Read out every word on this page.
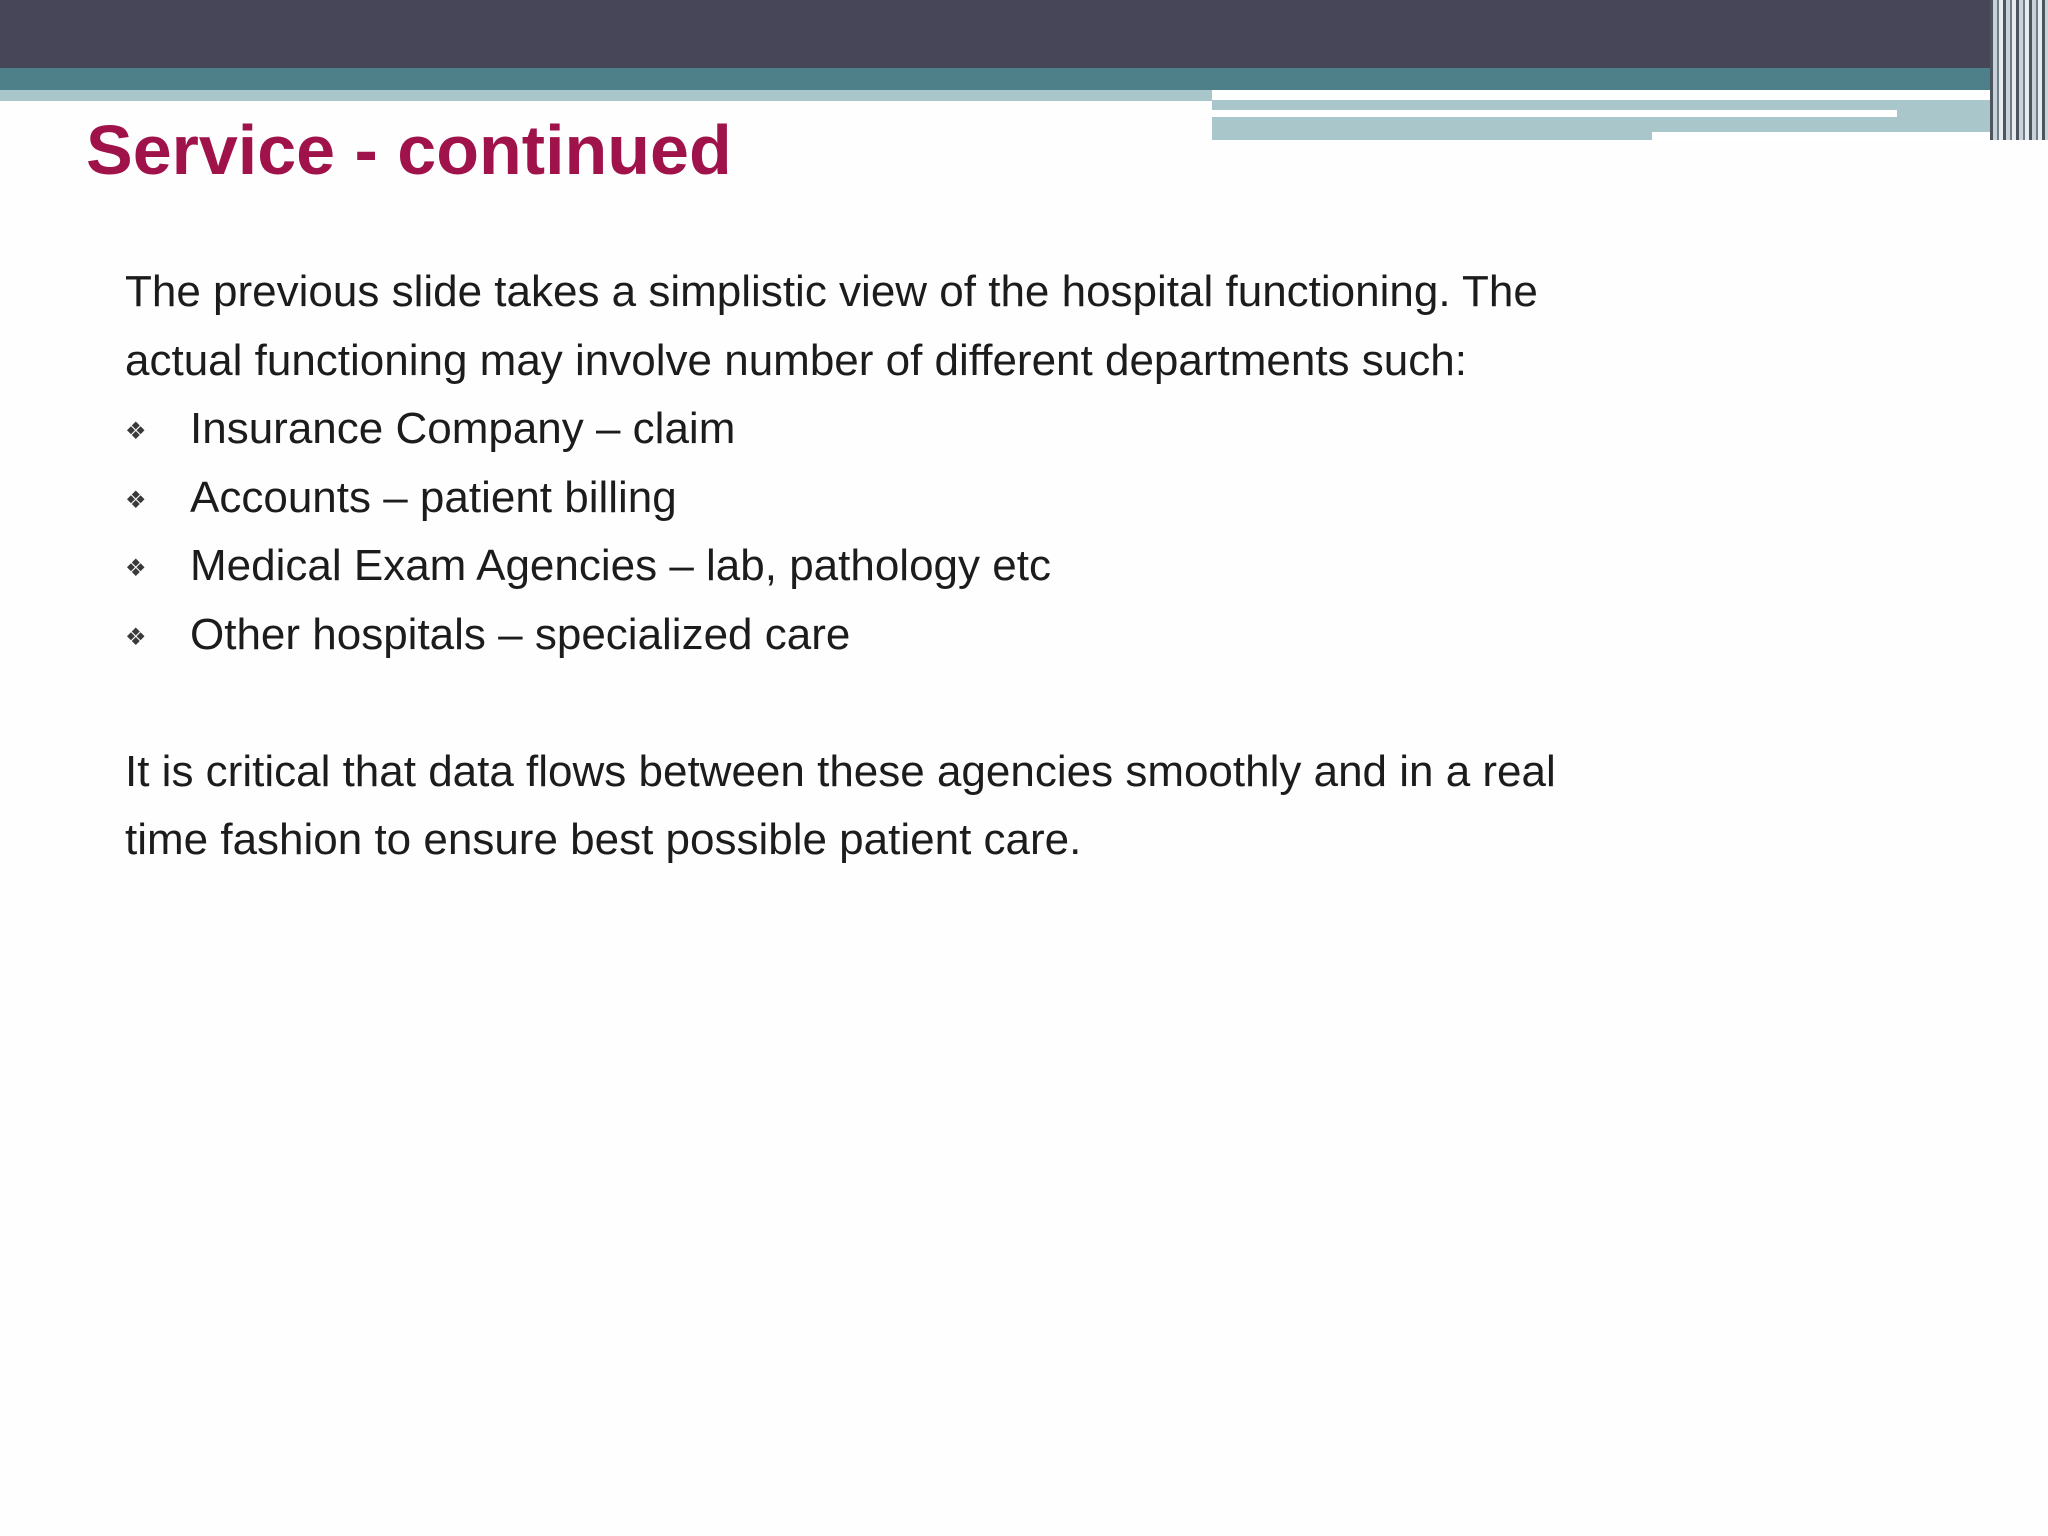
Service - continued

The previous slide takes a simplistic view of the hospital functioning. The actual functioning may involve number of different departments such:

❖ Insurance Company – claim
❖ Accounts – patient billing
❖ Medical Exam Agencies – lab, pathology etc
❖ Other hospitals – specialized care

It is critical that data flows between these agencies smoothly and in a real time fashion to ensure best possible patient care.
